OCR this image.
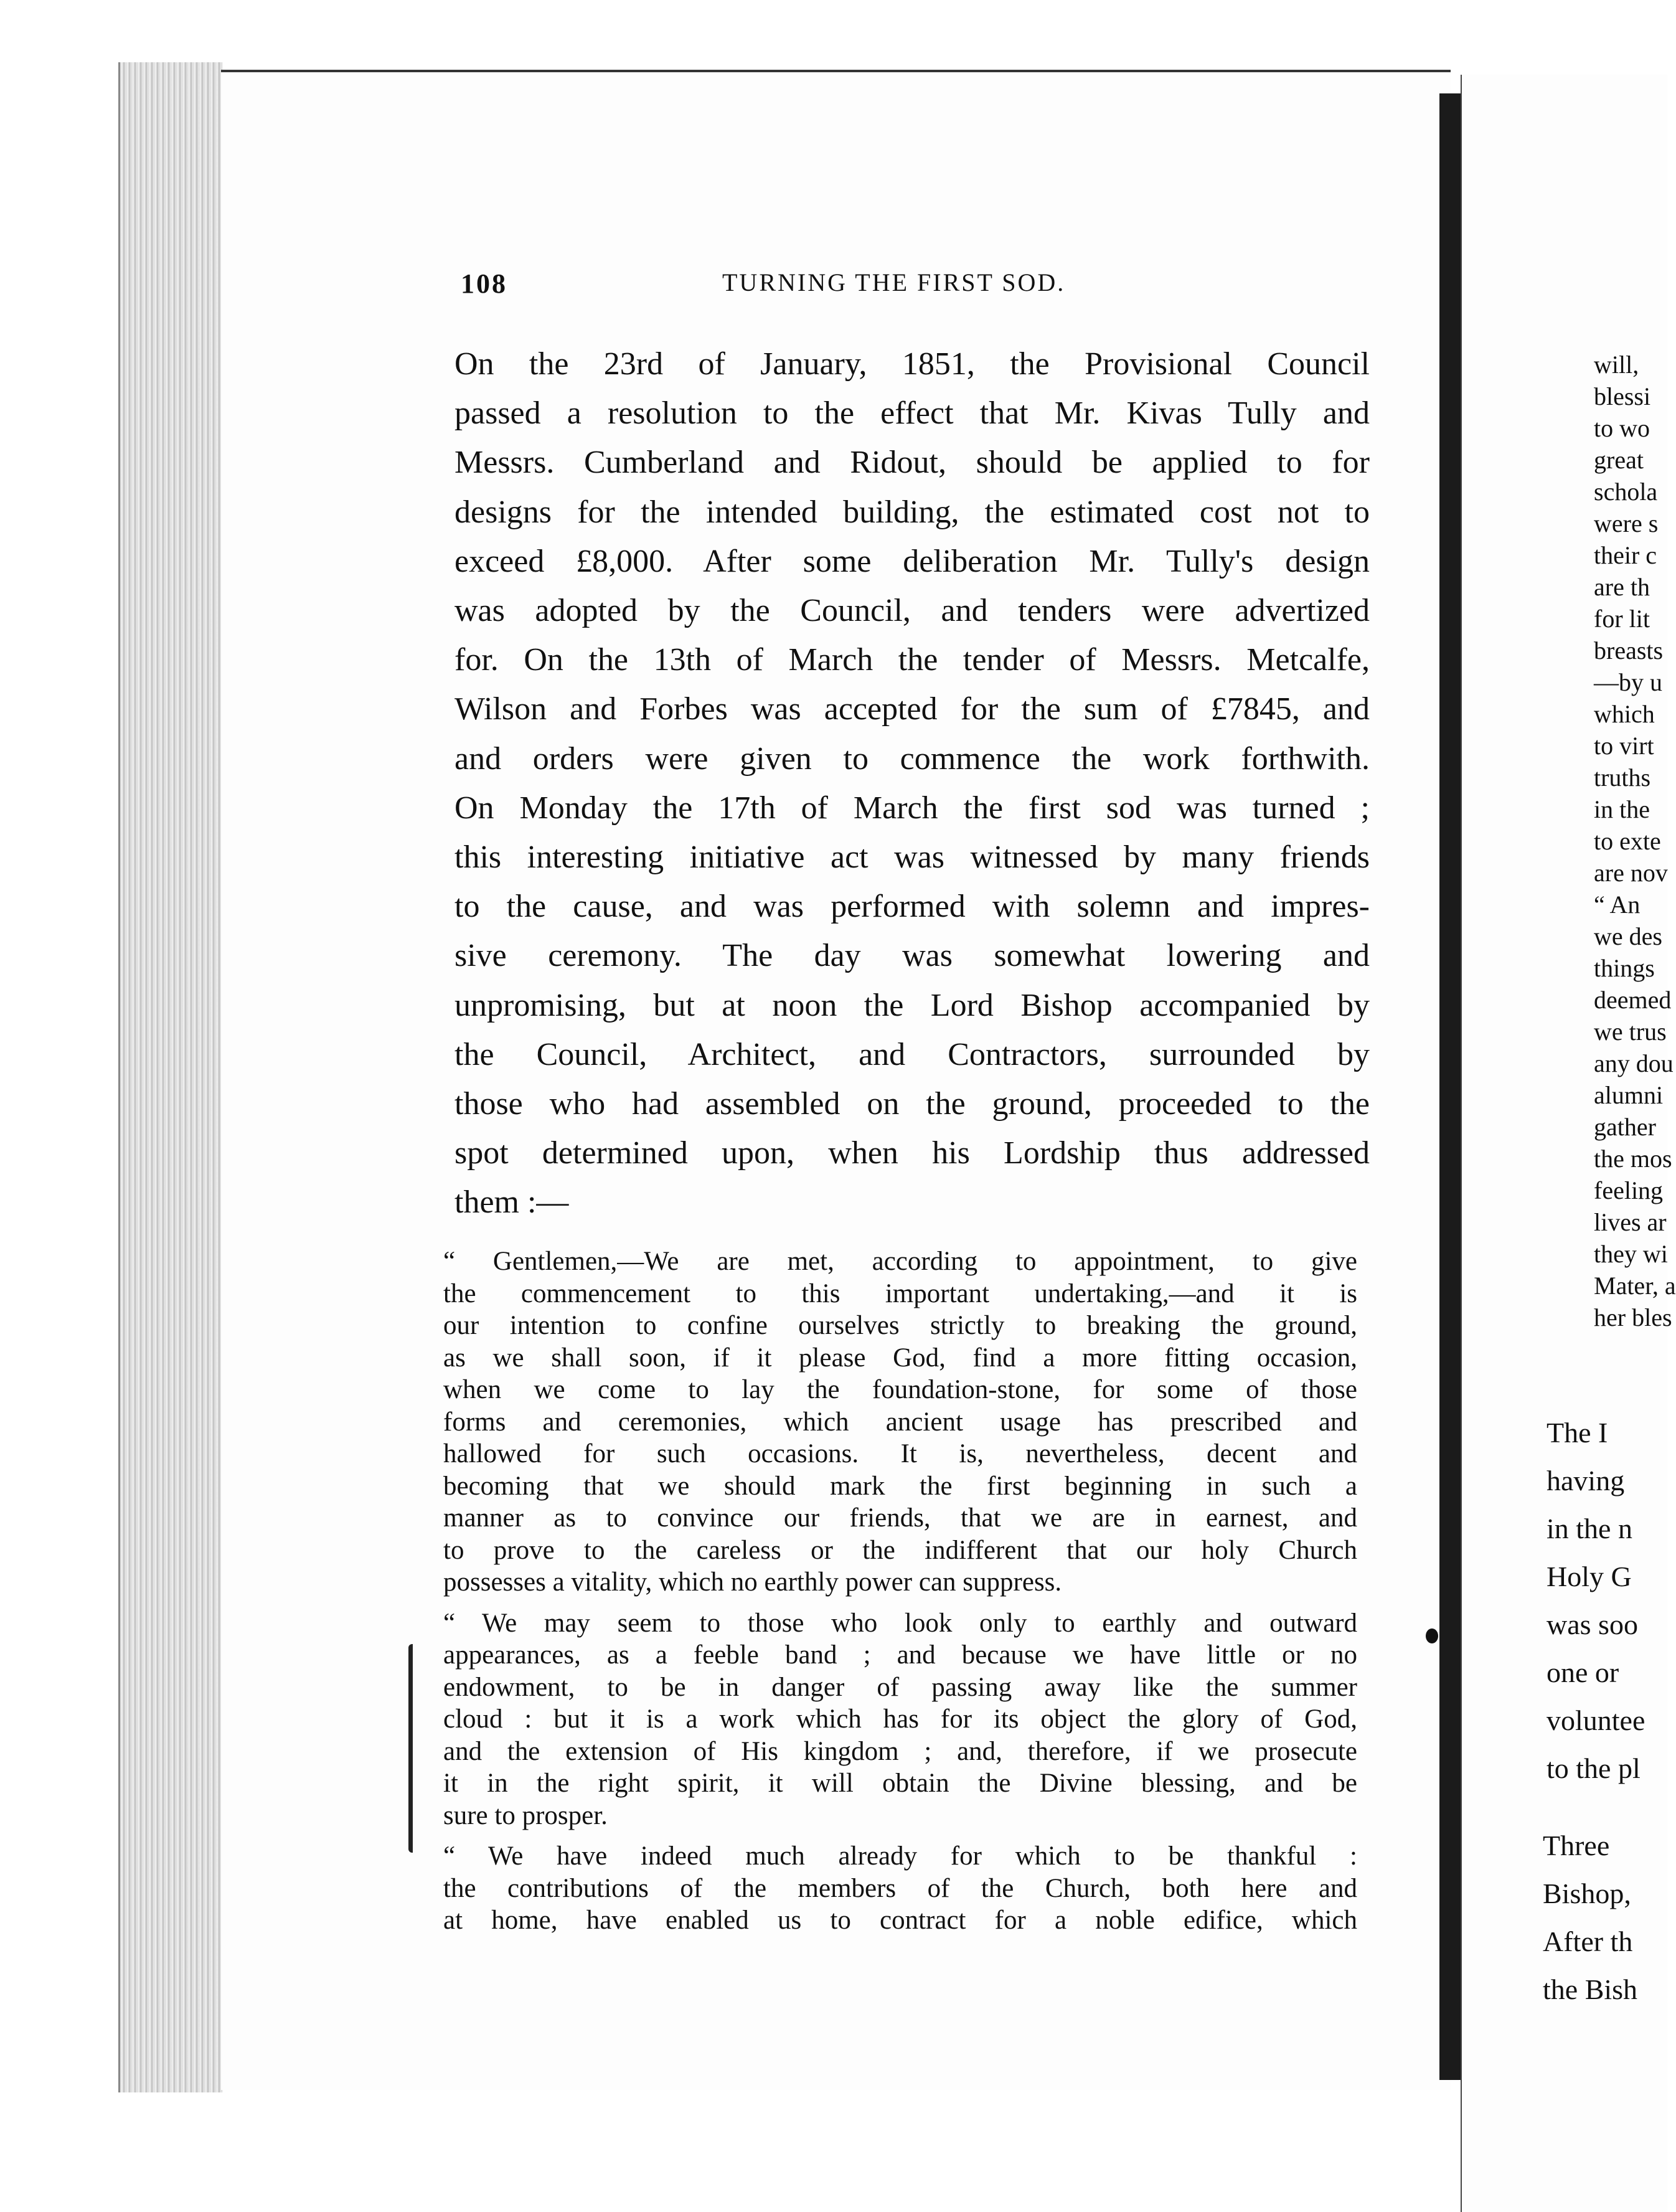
108	TURNING THE FIRST SOD.
On the 23rd of January, 1851, the Provisional Council
passed a resolution to the effect that Mr. Kivas Tully and
Messrs. Cumberland and Ridout, should be applied to for
designs for the intended building, the estimated cost not to
exceed £8,000. After some deliberation Mr. Tully's design
was adopted by the Council, and tenders were advertized
for. On the 13th of March the tender of Messrs. Metcalfe,
Wilson and Forbes was accepted for the sum of £7845, and
and orders were given to commence the work forthwith.
On Monday the 17th of March the first sod was turned ;
this interesting initiative act was witnessed by many friends
to the cause, and was performed with solemn and impres-
sive ceremony. The day was somewhat lowering and
unpromising, but at noon the Lord Bishop accompanied by
the Council, Architect, and Contractors, surrounded by
those who had assembled on the ground, proceeded to the
spot determined upon, when his Lordship thus addressed
them :—
“ Gentlemen,—We are met, according to appointment, to give
the commencement to this important undertaking,—and it is
our intention to confine ourselves strictly to breaking the ground,
as we shall soon, if it please God, find a more fitting occasion,
when we come to lay the foundation-stone, for some of those
forms and ceremonies, which ancient usage has prescribed and
hallowed for such occasions. It is, nevertheless, decent and
becoming that we should mark the first beginning in such a
manner as to convince our friends, that we are in earnest, and
to prove to the careless or the indifferent that our holy Church
possesses a vitality, which no earthly power can suppress.
“ We may seem to those who look only to earthly and outward
appearances, as a feeble band ; and because we have little or no
endowment, to be in danger of passing away like the summer
cloud : but it is a work which has for its object the glory of God,
and the extension of His kingdom ; and, therefore, if we prosecute
it in the right spirit, it will obtain the Divine blessing, and be
sure to prosper.
“ We have indeed much already for which to be thankful :
the contributions of the members of the Church, both here and
at home, have enabled us to contract for a noble edifice, which
will,
blessi
to wo
great
schola
were s
their c
are th
for lit
breasts
—by u
which
to virt
truths
in the
to exte
are nov
“ An
we des
things
deemed
we trus
any dou
alumni
gather
the mos
feeling
lives ar
they wi
Mater, a
her bles
The I
having
in the n
Holy G
was soo
one or
voluntee
to the pl
Three
Bishop,
After th
the Bish
